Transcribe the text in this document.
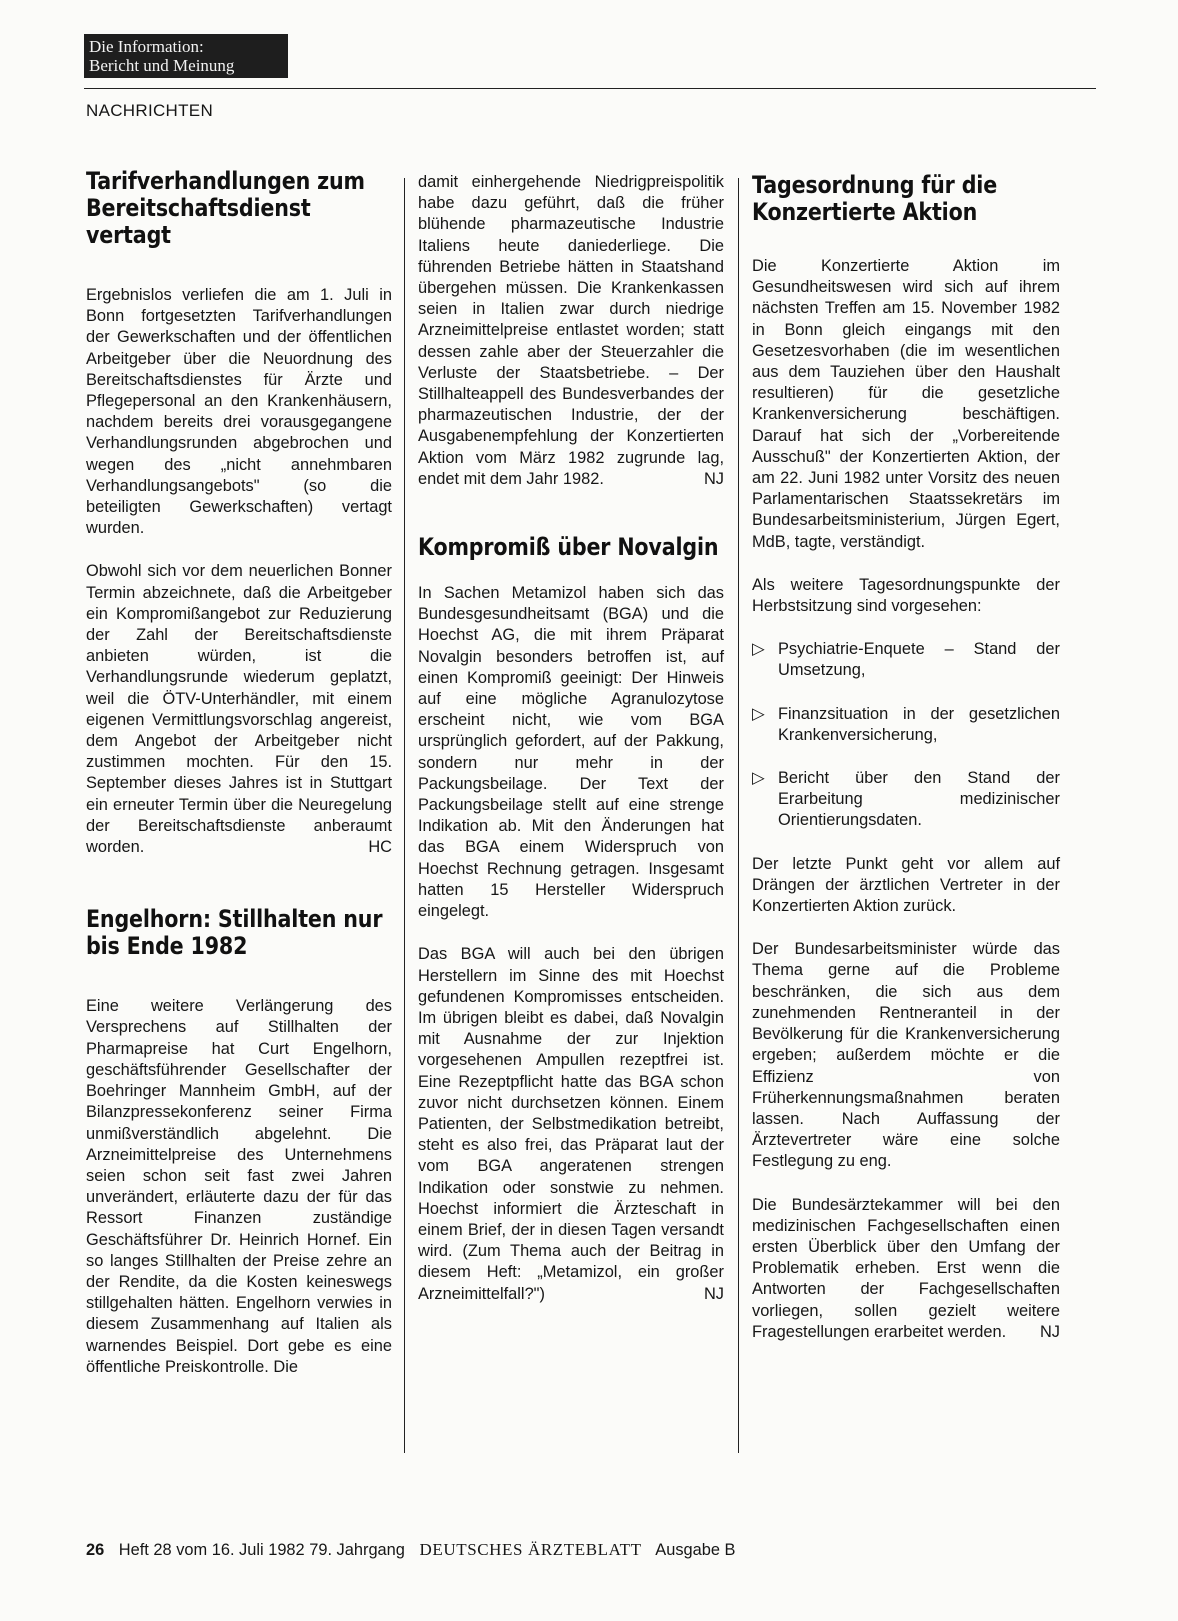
Die Information:
Bericht und Meinung
NACHRICHTEN
Tarifverhandlungen zum Bereitschaftsdienst vertagt

Ergebnislos verliefen die am 1. Juli in Bonn fortgesetzten Tarifverhandlungen der Gewerkschaften und der öffentlichen Arbeitgeber über die Neuordnung des Bereitschaftsdienstes für Ärzte und Pflegepersonal an den Krankenhäusern, nachdem bereits drei vorausgegangene Verhandlungsrunden abgebrochen und wegen des „nicht annehmbaren Verhandlungsangebots" (so die beteiligten Gewerkschaften) vertagt wurden.

Obwohl sich vor dem neuerlichen Bonner Termin abzeichnete, daß die Arbeitgeber ein Kompromißangebot zur Reduzierung der Zahl der Bereitschaftsdienste anbieten würden, ist die Verhandlungsrunde wiederum geplatzt, weil die ÖTV-Unterhändler, mit einem eigenen Vermittlungsvorschlag angereist, dem Angebot der Arbeitgeber nicht zustimmen mochten. Für den 15. September dieses Jahres ist in Stuttgart ein erneuter Termin über die Neuregelung der Bereitschaftsdienste anberaumt worden.	HC

Engelhorn: Stillhalten nur bis Ende 1982

Eine weitere Verlängerung des Versprechens auf Stillhalten der Pharmapreise hat Curt Engelhorn, geschäftsführender Gesellschafter der Boehringer Mannheim GmbH, auf der Bilanzpressekonferenz seiner Firma unmißverständlich abgelehnt. Die Arzneimittelpreise des Unternehmens seien schon seit fast zwei Jahren unverändert, erläuterte dazu der für das Ressort Finanzen zuständige Geschäftsführer Dr. Heinrich Hornef. Ein so langes Stillhalten der Preise zehre an der Rendite, da die Kosten keineswegs stillgehalten hätten. Engelhorn verwies in diesem Zusammenhang auf Italien als warnendes Beispiel. Dort gebe es eine öffentliche Preiskontrolle. Die

damit einhergehende Niedrigpreispolitik habe dazu geführt, daß die früher blühende pharmazeutische Industrie Italiens heute daniederliege. Die führenden Betriebe hätten in Staatshand übergehen müssen. Die Krankenkassen seien in Italien zwar durch niedrige Arzneimittelpreise entlastet worden; statt dessen zahle aber der Steuerzahler die Verluste der Staatsbetriebe. – Der Stillhalteappell des Bundesverbandes der pharmazeutischen Industrie, der der Ausgabenempfehlung der Konzertierten Aktion vom März 1982 zugrunde lag, endet mit dem Jahr 1982.	NJ

Kompromiß über Novalgin

In Sachen Metamizol haben sich das Bundesgesundheitsamt (BGA) und die Hoechst AG, die mit ihrem Präparat Novalgin besonders betroffen ist, auf einen Kompromiß geeinigt: Der Hinweis auf eine mögliche Agranulozytose erscheint nicht, wie vom BGA ursprünglich gefordert, auf der Pakkung, sondern nur mehr in der Packungsbeilage. Der Text der Packungsbeilage stellt auf eine strenge Indikation ab. Mit den Änderungen hat das BGA einem Widerspruch von Hoechst Rechnung getragen. Insgesamt hatten 15 Hersteller Widerspruch eingelegt.

Das BGA will auch bei den übrigen Herstellern im Sinne des mit Hoechst gefundenen Kompromisses entscheiden. Im übrigen bleibt es dabei, daß Novalgin mit Ausnahme der zur Injektion vorgesehenen Ampullen rezeptfrei ist. Eine Rezeptpflicht hatte das BGA schon zuvor nicht durchsetzen können. Einem Patienten, der Selbstmedikation betreibt, steht es also frei, das Präparat laut der vom BGA angeratenen strengen Indikation oder sonstwie zu nehmen. Hoechst informiert die Ärzteschaft in einem Brief, der in diesen Tagen versandt wird. (Zum Thema auch der Beitrag in diesem Heft: „Metamizol, ein großer Arzneimittelfall?")	NJ

Tagesordnung für die Konzertierte Aktion

Die Konzertierte Aktion im Gesundheitswesen wird sich auf ihrem nächsten Treffen am 15. November 1982 in Bonn gleich eingangs mit den Gesetzesvorhaben (die im wesentlichen aus dem Tauziehen über den Haushalt resultieren) für die gesetzliche Krankenversicherung beschäftigen. Darauf hat sich der „Vorbereitende Ausschuß" der Konzertierten Aktion, der am 22. Juni 1982 unter Vorsitz des neuen Parlamentarischen Staatssekretärs im Bundesarbeitsministerium, Jürgen Egert, MdB, tagte, verständigt.

Als weitere Tagesordnungspunkte der Herbstsitzung sind vorgesehen:

▷ Psychiatrie-Enquete – Stand der Umsetzung,

▷ Finanzsituation in der gesetzlichen Krankenversicherung,

▷ Bericht über den Stand der Erarbeitung medizinischer Orientierungsdaten.

Der letzte Punkt geht vor allem auf Drängen der ärztlichen Vertreter in der Konzertierten Aktion zurück.

Der Bundesarbeitsminister würde das Thema gerne auf die Probleme beschränken, die sich aus dem zunehmenden Rentneranteil in der Bevölkerung für die Krankenversicherung ergeben; außerdem möchte er die Effizienz von Früherkennungsmaßnahmen beraten lassen. Nach Auffassung der Ärztevertreter wäre eine solche Festlegung zu eng.

Die Bundesärztekammer will bei den medizinischen Fachgesellschaften einen ersten Überblick über den Umfang der Problematik erheben. Erst wenn die Antworten der Fachgesellschaften vorliegen, sollen gezielt weitere Fragestellungen erarbeitet werden. NJ

26 Heft 28 vom 16. Juli 1982 79. Jahrgang DEUTSCHES ÄRZTEBLATT Ausgabe B
